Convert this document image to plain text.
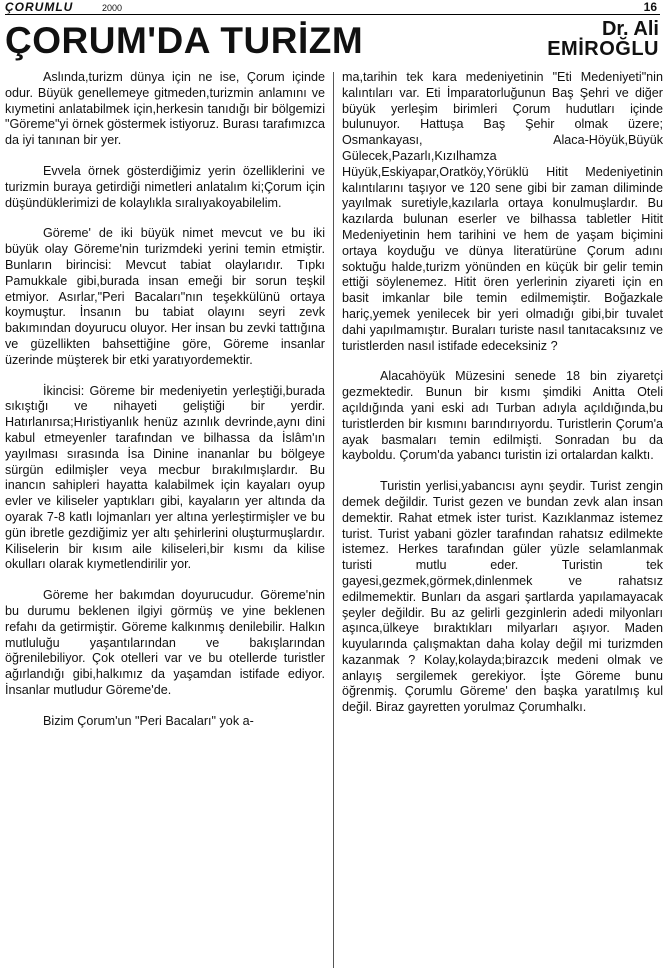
ÇORUMLU	2000	16
ÇORUM'DA TURİZM	Dr. Ali
EMİROĞLU

Aslında,turizm dünya için ne ise, Çorum içinde odur. Büyük genellemeye gitmeden,turizmin anlamını ve kıymetini anlatabilmek için,herkesin tanıdığı bir bölgemizi "Göreme"yi örnek göstermek istiyoruz. Burası tarafımızca da iyi tanınan bir yer.

Evvela örnek gösterdiğimiz yerin özelliklerini ve turizmin buraya getirdiği nimetleri anlatalım ki;Çorum için düşündüklerimizi de kolaylıkla sıralıyakoyabilelim.

Göreme' de iki büyük nimet mevcut ve bu iki büyük olay Göreme'nin turizmdeki yerini temin etmiştir. Bunların birincisi: Mevcut tabiat olaylarıdır. Tıpkı Pamukkale gibi,burada insan emeği bir sorun teşkil etmiyor. Asırlar,"Peri Bacaları"nın teşekkülünü ortaya koymuştur. İnsanın bu tabiat olayını seyri zevk bakımından doyurucu oluyor. Her insan bu zevki tattığına ve güzellikten bahsettiğine göre, Göreme insanlar üzerinde müşterek bir etki yaratıyordemektir.

İkincisi: Göreme bir medeniyetin yerleştiği,burada sıkıştığı ve nihayeti geliştiği bir yerdir. Hatırlanırsa;Hıristiyanlık henüz azınlık devrinde,aynı dini kabul etmeyenler tarafından ve bilhassa da İslâm'ın yayılması sırasında İsa Dinine inananlar bu bölgeye sürgün edilmişler veya mecbur bırakılmışlardır. Bu inancın sahipleri hayatta kalabilmek için kayaları oyup evler ve kiliseler yaptıkları gibi, kayaların yer altında da oyarak 7-8 katlı lojmanları yer altına yerleştirmişler ve bu gün ibretle gezdiğimiz yer altı şehirlerini oluşturmuşlardır. Kiliselerin bir kısım aile kiliseleri,bir kısmı da kilise okulları olarak kıymetlendirilir yor.

Göreme her bakımdan doyurucudur. Göreme'nin bu durumu beklenen ilgiyi görmüş ve yine beklenen refahı da getirmiştir. Göreme kalkınmış denilebilir. Halkın mutluluğu yaşantılarından ve bakışlarından öğrenilebiliyor. Çok otelleri var ve bu otellerde turistler ağırlandığı gibi,halkımız da yaşamdan istifade ediyor. İnsanlar mutludur Göreme'de.

Bizim Çorum'un "Peri Bacaları" yok a-

ma,tarihin tek kara medeniyetinin "Eti Medeniyeti"nin kalıntıları var. Eti İmparatorluğunun Baş Şehri ve diğer büyük yerleşim birimleri Çorum hudutları içinde bulunuyor. Hattuşa Baş Şehir olmak üzere; Osmankayası, Alaca-Höyük,Büyük Gülecek,Pazarlı,Kızılhamza Hüyük,Eskiyapar,Oratköy,Yörüklü Hitit Medeniyetinin kalıntılarını taşıyor ve 120 sene gibi bir zaman diliminde yayılmak suretiyle,kazılarla ortaya konulmuşlardır. Bu kazılarda bulunan eserler ve bilhassa tabletler Hitit Medeniyetinin hem tarihini ve hem de yaşam biçimini ortaya koyduğu ve dünya literatürüne Çorum adını soktuğu halde,turizm yönünden en küçük bir gelir temin ettiği söylenemez. Hitit ören yerlerinin ziyareti için en basit imkanlar bile temin edilmemiştir. Boğazkale hariç,yemek yenilecek bir yeri olmadığı gibi,bir tuvalet dahi yapılmamıştır. Buraları turiste nasıl tanıtacaksınız ve turistlerden nasıl istifade edeceksiniz ?

Alacahöyük Müzesini senede 18 bin ziyaretçi gezmektedir. Bunun bir kısmı şimdiki Anitta Oteli açıldığında yani eski adı Turban adıyla açıldığında,bu turistlerden bir kısmını barındırıyordu. Turistlerin Çorum'a ayak basmaları temin edilmişti. Sonradan bu da kayboldu. Çorum'da yabancı turistin izi ortalardan kalktı.

Turistin yerlisi,yabancısı aynı şeydir. Turist zengin demek değildir. Turist gezen ve bundan zevk alan insan demektir. Rahat etmek ister turist. Kazıklanmaz istemez turist. Turist yabani gözler tarafından rahatsız edilmekte istemez. Herkes tarafından güler yüzle selamlanmak turisti mutlu eder. Turistin tek gayesi,gezmek,görmek,dinlenmek ve rahatsız edilmemektir. Bunları da asgari şartlarda yapılamayacak şeyler değildir. Bu az gelirli gezginlerin adedi milyonları aşınca,ülkeye bıraktıkları milyarları aşıyor. Maden kuyularında çalışmaktan daha kolay değil mi turizmden kazanmak ? Kolay,kolayda;birazcık medeni olmak ve anlayış sergilemek gerekiyor. İşte Göreme bunu öğrenmiş. Çorumlu Göreme' den başka yaratılmış kul değil. Biraz gayretten yorulmaz Çorumhalkı.
